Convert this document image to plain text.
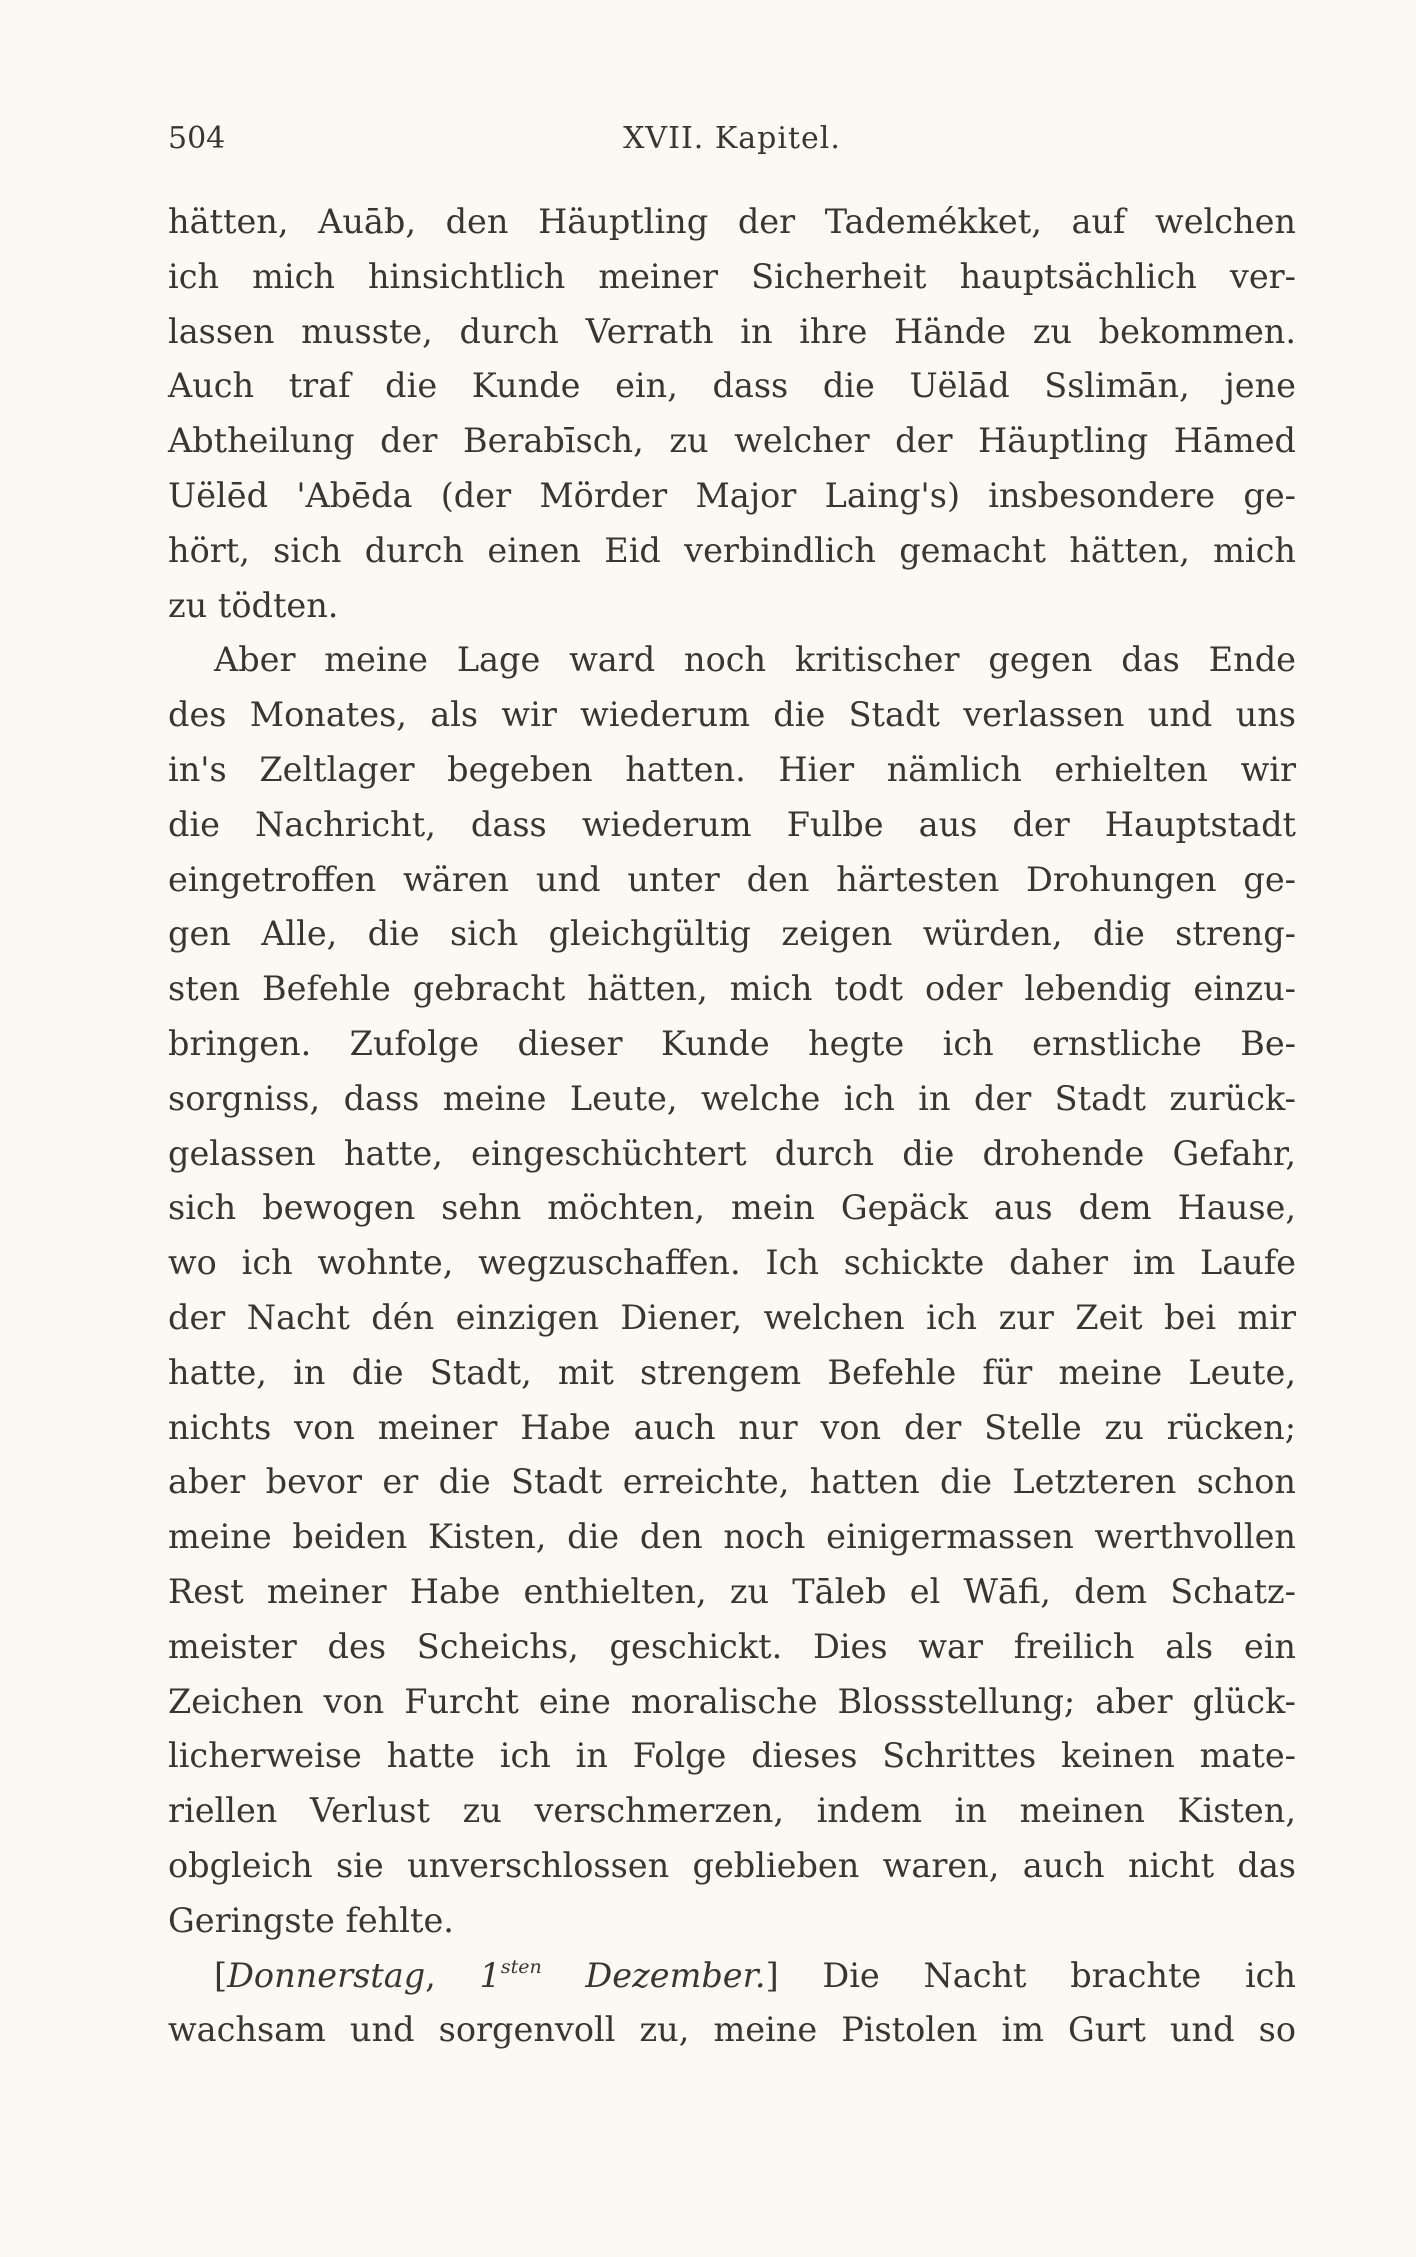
504	XVII. Kapitel.
hätten, Auāb, den Häuptling der Tademékket, auf welchen
ich mich hinsichtlich meiner Sicherheit hauptsächlich ver-
lassen musste, durch Verrath in ihre Hände zu bekommen.
Auch traf die Kunde ein, dass die Uëlād Sslimān, jene
Abtheilung der Berabīsch, zu welcher der Häuptling Hāmed
Uëlēd 'Abēda (der Mörder Major Laing's) insbesondere ge-
hört, sich durch einen Eid verbindlich gemacht hätten, mich
zu tödten.
Aber meine Lage ward noch kritischer gegen das Ende
des Monates, als wir wiederum die Stadt verlassen und uns
in's Zeltlager begeben hatten. Hier nämlich erhielten wir
die Nachricht, dass wiederum Fulbe aus der Hauptstadt
eingetroffen wären und unter den härtesten Drohungen ge-
gen Alle, die sich gleichgültig zeigen würden, die streng-
sten Befehle gebracht hätten, mich todt oder lebendig einzu-
bringen. Zufolge dieser Kunde hegte ich ernstliche Be-
sorgniss, dass meine Leute, welche ich in der Stadt zurück-
gelassen hatte, eingeschüchtert durch die drohende Gefahr,
sich bewogen sehn möchten, mein Gepäck aus dem Hause,
wo ich wohnte, wegzuschaffen. Ich schickte daher im Laufe
der Nacht dén einzigen Diener, welchen ich zur Zeit bei mir
hatte, in die Stadt, mit strengem Befehle für meine Leute,
nichts von meiner Habe auch nur von der Stelle zu rücken;
aber bevor er die Stadt erreichte, hatten die Letzteren schon
meine beiden Kisten, die den noch einigermassen werthvollen
Rest meiner Habe enthielten, zu Tāleb el Wāfi, dem Schatz-
meister des Scheichs, geschickt. Dies war freilich als ein
Zeichen von Furcht eine moralische Blossstellung; aber glück-
licherweise hatte ich in Folge dieses Schrittes keinen mate-
riellen Verlust zu verschmerzen, indem in meinen Kisten,
obgleich sie unverschlossen geblieben waren, auch nicht das
Geringste fehlte.
[Donnerstag, $1^{sten}$ Dezember.] Die Nacht brachte ich
wachsam und sorgenvoll zu, meine Pistolen im Gurt und so
